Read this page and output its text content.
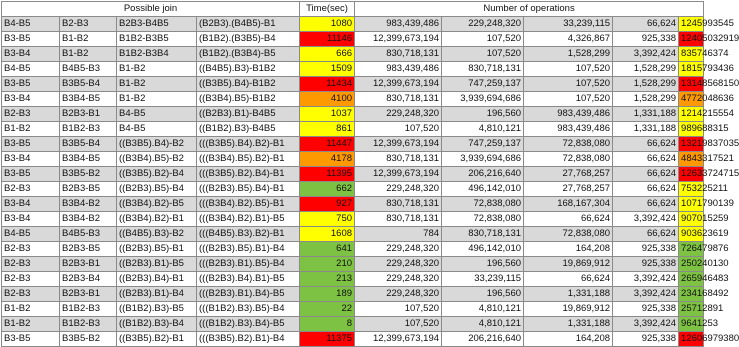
Possible join				Time(sec)	Number of operations				
B4-B5	B2-B3	B2B3-B4B5	(B2B3).(B4B5)-B1	1080	983,439,486	229,248,320	33,239,115	66,624	1245993545
B3-B5	B1-B2	B1B2-B3B5	(B1B2).(B3B5)-B4	11146	12,399,673,194	107,520	4,326,867	925,338	12405032919
B3-B4	B1-B2	B1B2-B3B4	(B1B2).(B3B4)-B5	666	830,718,131	107,520	1,528,299	3,392,424	835746374
B4-B5	B4B5-B3	B1-B2	((B4B5).B3)-B1B2	1509	983,439,486	830,718,131	107,520	1,528,299	1815793436
B3-B5	B3B5-B4	B1-B2	((B3B5).B4)-B1B2	11434	12,399,673,194	747,259,137	107,520	1,528,299	13148568150
B3-B4	B3B4-B5	B1-B2	((B3B4).B5)-B1B2	4100	830,718,131	3,939,694,686	107,520	1,528,299	4772048636
B2-B3	B2B3-B1	B4-B5	((B2B3).B1)-B4B5	1037	229,248,320	196,560	983,439,486	1,331,188	1214215554
B1-B2	B1B2-B3	B4-B5	((B1B2).B3)-B4B5	861	107,520	4,810,121	983,439,486	1,331,188	989688315
B3-B5	B3B5-B4	((B3B5).B4)-B2	(((B3B5).B4).B2)-B1	11447	12,399,673,194	747,259,137	72,838,080	66,624	13219837035
B3-B4	B3B4-B5	((B3B4).B5)-B2	(((B3B4).B5).B2)-B1	4178	830,718,131	3,939,694,686	72,838,080	66,624	4843317521
B3-B5	B3B5-B2	((B3B5).B2)-B4	(((B3B5).B2).B4)-B1	11395	12,399,673,194	206,216,640	27,768,257	66,624	12633724715
B2-B3	B2B3-B5	((B2B3).B5)-B4	(((B2B3).B5).B4)-B1	662	229,248,320	496,142,010	27,768,257	66,624	753225211
B3-B4	B3B4-B2	((B3B4).B2)-B5	(((B3B4).B2).B5)-B1	927	830,718,131	72,838,080	168,167,304	66,624	1071790139
B3-B4	B3B4-B2	((B3B4).B2)-B1	(((B3B4).B2).B1)-B5	750	830,718,131	72,838,080	66,624	3,392,424	907015259
B4-B5	B4B5-B3	((B4B5).B3)-B2	(((B4B5).B3).B2)-B1	1608	784	830,718,131	72,838,080	66,624	903623619
B2-B3	B2B3-B5	((B2B3).B5)-B1	(((B2B3).B5).B1)-B4	641	229,248,320	496,142,010	164,208	925,338	726479876
B2-B3	B2B3-B1	((B2B3).B1)-B5	(((B2B3).B1).B5)-B4	210	229,248,320	196,560	19,869,912	925,338	250240130
B2-B3	B2B3-B4	((B2B3).B4)-B1	(((B2B3).B4).B1)-B5	213	229,248,320	33,239,115	66,624	3,392,424	265946483
B2-B3	B2B3-B1	((B2B3).B1)-B4	(((B2B3).B1).B4)-B5	189	229,248,320	196,560	1,331,188	3,392,424	234168492
B1-B2	B1B2-B3	((B1B2).B3)-B5	(((B1B2).B3).B5)-B4	22	107,520	4,810,121	19,869,912	925,338	25712891
B1-B2	B1B2-B3	((B1B2).B3)-B4	(((B1B2).B3).B4)-B5	8	107,520	4,810,121	1,331,188	3,392,424	9641253
B3-B5	B3B5-B2	((B3B5).B2)-B1	(((B3B5).B2).B1)-B4	11375	12,399,673,194	206,216,640	164,208	925,338	12606979380
